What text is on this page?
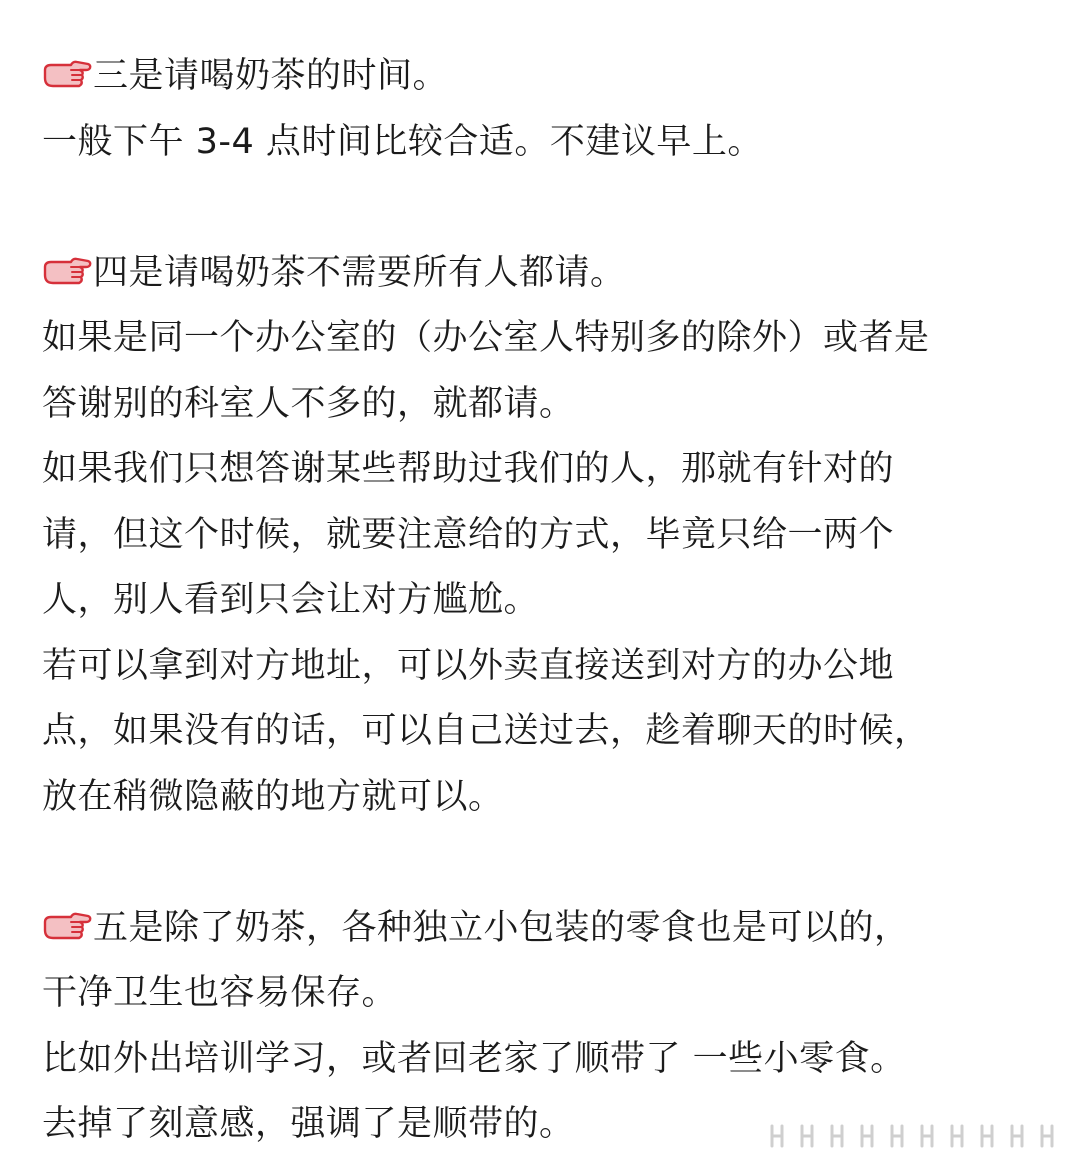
三是请喝奶茶的时间。
一般下午 3-4 点时间比较合适。不建议早上。
四是请喝奶茶不需要所有人都请。
如果是同一个办公室的（办公室人特别多的除外）或者是
答谢别的科室人不多的，就都请。
如果我们只想答谢某些帮助过我们的人，那就有针对的
请，但这个时候，就要注意给的方式，毕竟只给一两个
人，别人看到只会让对方尴尬。
若可以拿到对方地址，可以外卖直接送到对方的办公地
点，如果没有的话，可以自己送过去，趁着聊天的时候，
放在稍微隐蔽的地方就可以。
五是除了奶茶，各种独立小包装的零食也是可以的，
干净卫生也容易保存。
比如外出培训学习，或者回老家了顺带了 一些小零食。
去掉了刻意感，强调了是顺带的。
